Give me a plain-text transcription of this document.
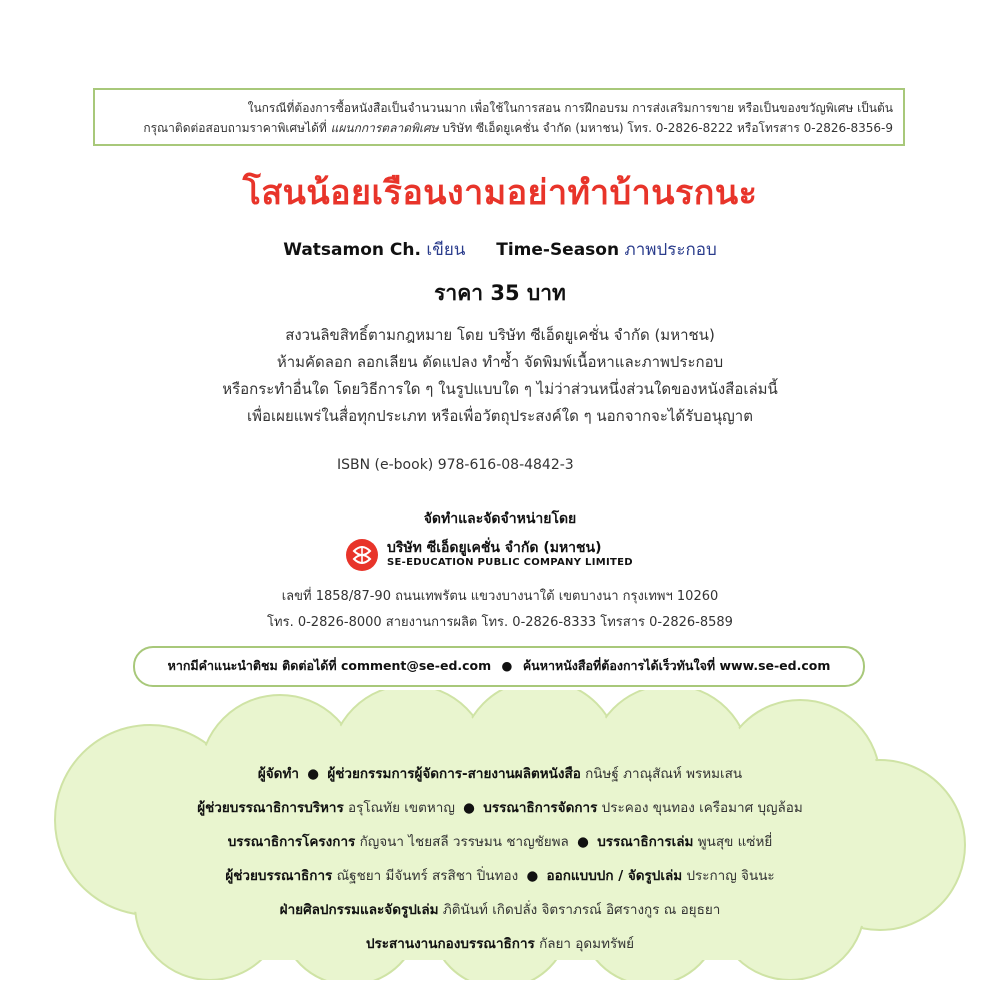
ในกรณีที่ต้องการซื้อหนังสือเป็นจำนวนมาก เพื่อใช้ในการสอน การฝึกอบรม การส่งเสริมการขาย หรือเป็นของขวัญพิเศษ เป็นต้น

กรุณาติดต่อสอบถามราคาพิเศษได้ที่ แผนกการตลาดพิเศษ บริษัท ซีเอ็ดยูเคชั่น จำกัด (มหาชน) โทร. 0-2826-8222 หรือโทรสาร 0-2826-8356-9

โสนน้อยเรือนงามอย่าทำบ้านรกนะ
Watsamon Ch. เขียน Time-Season ภาพประกอบ
ราคา 35 บาท
สงวนลิขสิทธิ์ตามกฎหมาย โดย บริษัท ซีเอ็ดยูเคชั่น จำกัด (มหาชน)
ห้ามคัดลอก ลอกเลียน ดัดแปลง ทำซ้ำ จัดพิมพ์เนื้อหาและภาพประกอบ
หรือกระทำอื่นใด โดยวิธีการใด ๆ ในรูปแบบใด ๆ ไม่ว่าส่วนหนึ่งส่วนใดของหนังสือเล่มนี้
เพื่อเผยแพร่ในสื่อทุกประเภท หรือเพื่อวัตถุประสงค์ใด ๆ นอกจากจะได้รับอนุญาต
ISBN (e-book) 978-616-08-4842-3
จัดทำและจัดจำหน่ายโดย
บริษัท ซีเอ็ดยูเคชั่น จำกัด (มหาชน)
SE-EDUCATION PUBLIC COMPANY LIMITED
เลขที่ 1858/87-90 ถนนเทพรัตน แขวงบางนาใต้ เขตบางนา กรุงเทพฯ 10260
โทร. 0-2826-8000 สายงานการผลิต โทร. 0-2826-8333 โทรสาร 0-2826-8589
หากมีคำแนะนำติชม ติดต่อได้ที่ comment@se-ed.com ● ค้นหาหนังสือที่ต้องการได้เร็วทันใจที่ www.se-ed.com
ผู้จัดทำ ● ผู้ช่วยกรรมการผู้จัดการ-สายงานผลิตหนังสือ กนิษฐ์ ภาณุสัณห์ พรหมเสน
ผู้ช่วยบรรณาธิการบริหาร อรุโณทัย เขตหาญ ● บรรณาธิการจัดการ ประคอง ขุนทอง เครือมาศ บุญล้อม
บรรณาธิการโครงการ กัญจนา ไชยสลี วรรษมน ชาญชัยพล ● บรรณาธิการเล่ม พูนสุข แซ่หยี่
ผู้ช่วยบรรณาธิการ ณัฐชยา มีจันทร์ สรสิชา ปิ่นทอง ● ออกแบบปก / จัดรูปเล่ม ประกาญ จินนะ
ฝ่ายศิลปกรรมและจัดรูปเล่ม ภิตินันท์ เกิดปลั่ง จิตราภรณ์ อิศรางกูร ณ อยุธยา
ประสานงานกองบรรณาธิการ กัลยา อุดมทรัพย์
